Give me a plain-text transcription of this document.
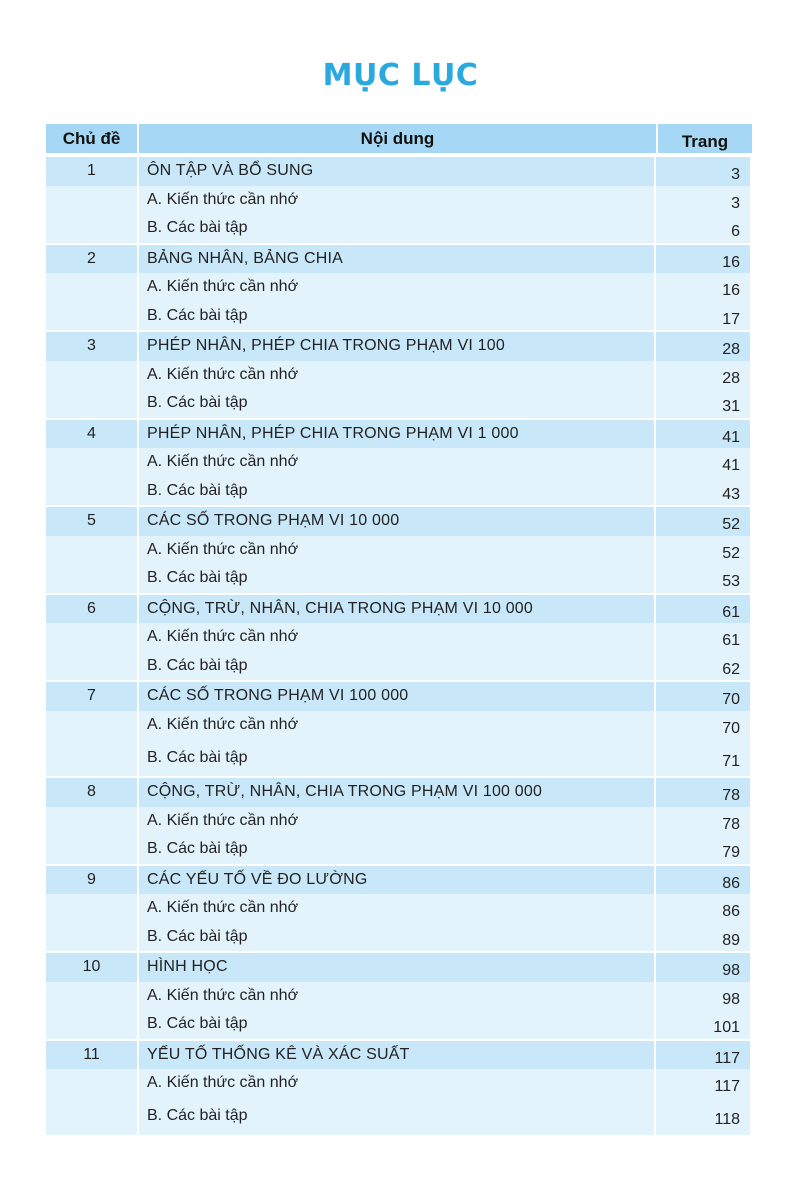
MỤC LỤC
Chủ đề	Nội dung	Trang
1	ÔN TẬP VÀ BỔ SUNG	3
A. Kiến thức cần nhớ	3
B. Các bài tập	6
2	BẢNG NHÂN, BẢNG CHIA	16
A. Kiến thức cần nhớ	16
B. Các bài tập	17
3	PHÉP NHÂN, PHÉP CHIA TRONG PHẠM VI 100	28
A. Kiến thức cần nhớ	28
B. Các bài tập	31
4	PHÉP NHÂN, PHÉP CHIA TRONG PHẠM VI 1 000	41
A. Kiến thức cần nhớ	41
B. Các bài tập	43
5	CÁC SỐ TRONG PHẠM VI 10 000	52
A. Kiến thức cần nhớ	52
B. Các bài tập	53
6	CỘNG, TRỪ, NHÂN, CHIA TRONG PHẠM VI 10 000	61
A. Kiến thức cần nhớ	61
B. Các bài tập	62
7	CÁC SỐ TRONG PHẠM VI 100 000	70
A. Kiến thức cần nhớ	70
B. Các bài tập	71
8	CỘNG, TRỪ, NHÂN, CHIA TRONG PHẠM VI 100 000	78
A. Kiến thức cần nhớ	78
B. Các bài tập	79
9	CÁC YẾU TỐ VỀ ĐO LƯỜNG	86
A. Kiến thức cần nhớ	86
B. Các bài tập	89
10	HÌNH HỌC	98
A. Kiến thức cần nhớ	98
B. Các bài tập	101
11	YẾU TỐ THỐNG KÊ VÀ XÁC SUẤT	117
A. Kiến thức cần nhớ	117
B. Các bài tập	118
